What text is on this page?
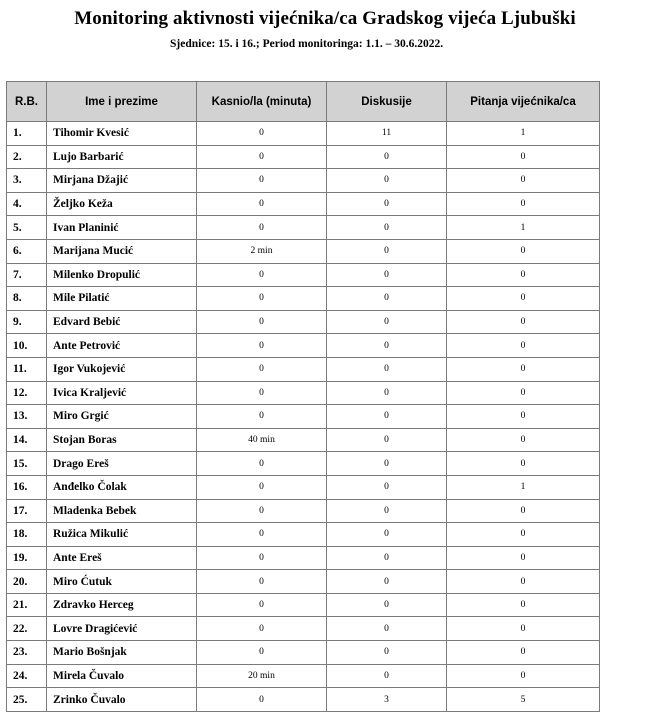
Monitoring aktivnosti vijećnika/ca Gradskog vijeća Ljubuški
Sjednice: 15. i 16.; Period monitoringa: 1.1. – 30.6.2022.
R.B.	Ime i prezime	Kasnio/la (minuta)	Diskusije	Pitanja vijećnika/ca
1.	Tihomir Kvesić	0	11	1
2.	Lujo Barbarić	0	0	0
3.	Mirjana Džajić	0	0	0
4.	Željko Keža	0	0	0
5.	Ivan Planinić	0	0	1
6.	Marijana Mucić	2 min	0	0
7.	Milenko Dropulić	0	0	0
8.	Mile Pilatić	0	0	0
9.	Edvard Bebić	0	0	0
10.	Ante Petrović	0	0	0
11.	Igor Vukojević	0	0	0
12.	Ivica Kraljević	0	0	0
13.	Miro Grgić	0	0	0
14.	Stojan Boras	40 min	0	0
15.	Drago Ereš	0	0	0
16.	Anđelko Čolak	0	0	1
17.	Mladenka Bebek	0	0	0
18.	Ružica Mikulić	0	0	0
19.	Ante Ereš	0	0	0
20.	Miro Ćutuk	0	0	0
21.	Zdravko Herceg	0	0	0
22.	Lovre Dragićević	0	0	0
23.	Mario Bošnjak	0	0	0
24.	Mirela Čuvalo	20 min	0	0
25.	Zrinko Čuvalo	0	3	5
